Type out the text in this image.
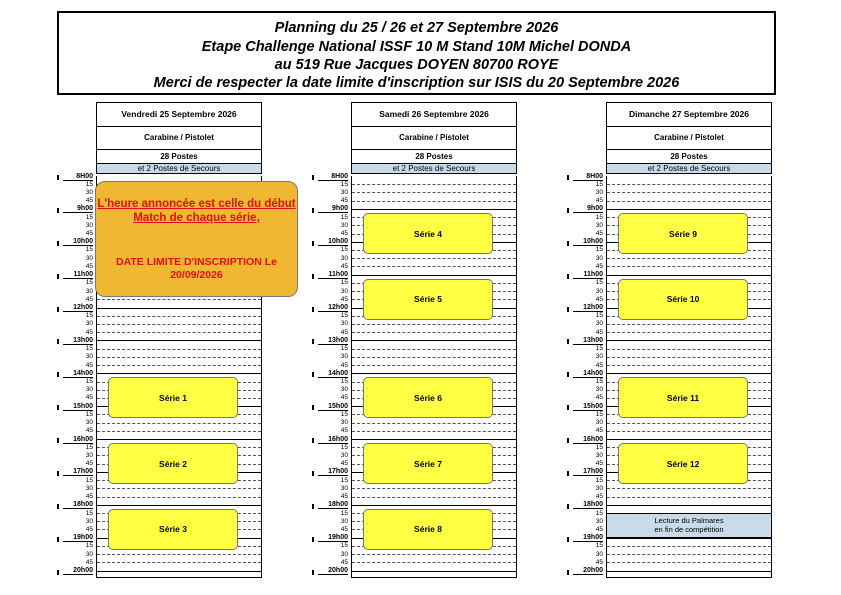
Planning du 25 / 26 et 27 Septembre 2026
Etape Challenge National ISSF 10 M Stand 10M Michel DONDA
au 519 Rue Jacques DOYEN 80700 ROYE
Merci de respecter la date limite d'inscription sur ISIS du 20 Septembre 2026
Vendredi 25 Septembre 2026
Carabine / Pistolet
28 Postes
et 2 Postes de Secours
8H00
15
30
45
9h00
15
30
45
10h00
15
30
45
11h00
15
30
45
12h00
15
30
45
13h00
15
30
45
14h00
15
30
45
15h00
15
30
45
16h00
15
30
45
17h00
15
30
45
18h00
15
30
45
19h00
15
30
45
20h00
Série 1
Série 2
Série 3
Samedi 26 Septembre 2026
Carabine / Pistolet
28 Postes
et 2 Postes de Secours
8H00
15
30
45
9h00
15
30
45
10h00
15
30
45
11h00
15
30
45
12h00
15
30
45
13h00
15
30
45
14h00
15
30
45
15h00
15
30
45
16h00
15
30
45
17h00
15
30
45
18h00
15
30
45
19h00
15
30
45
20h00
Série 4
Série 5
Série 6
Série 7
Série 8
Dimanche 27 Septembre 2026
Carabine / Pistolet
28 Postes
et 2 Postes de Secours
8H00
15
30
45
9h00
15
30
45
10h00
15
30
45
11h00
15
30
45
12h00
15
30
45
13h00
15
30
45
14h00
15
30
45
15h00
15
30
45
16h00
15
30
45
17h00
15
30
45
18h00
15
30
45
19h00
15
30
45
20h00
Série 9
Série 10
Série 11
Série 12
Lecture du Palmares
en fin de compétition
L'heure annoncée est celle du début Match de chaque série,
DATE LIMITE D'INSCRIPTION Le 20/09/2026
